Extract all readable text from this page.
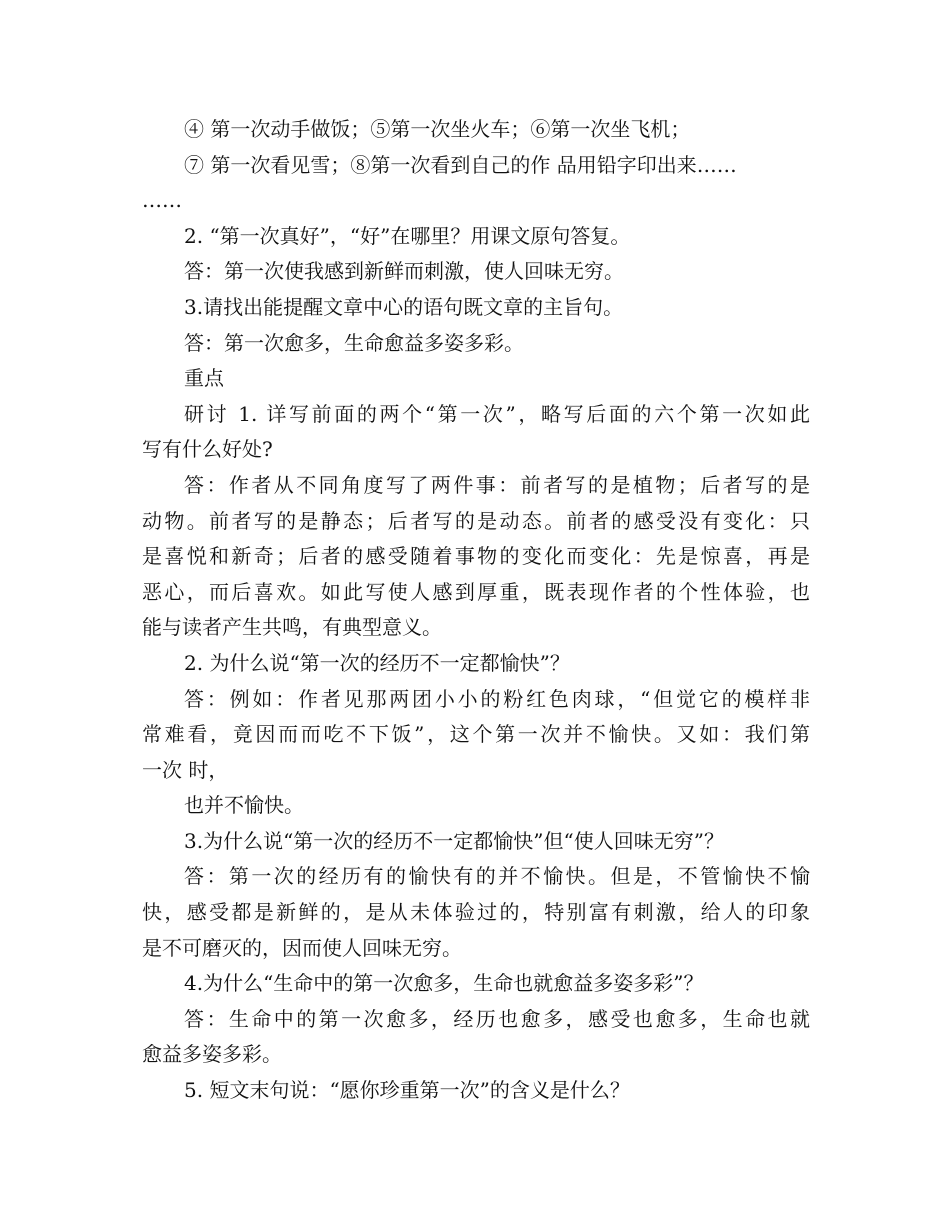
④ 第一次动手做饭；⑤第一次坐火车；⑥第一次坐飞机；
⑦ 第一次看见雪；⑧第一次看到自己的作 品用铅字印出来……
……
2. “第一次真好”，“好”在哪里？用课文原句答复。
答：第一次使我感到新鲜而刺激，使人回味无穷。
3.请找出能提醒文章中心的语句既文章的主旨句。
答：第一次愈多，生命愈益多姿多彩。
重点
研讨 1. 详写前面的两个“第一次”，略写后面的六个第一次如此
写有什么好处?
答：作者从不同角度写了两件事：前者写的是植物；后者写的是
动物。前者写的是静态；后者写的是动态。前者的感受没有变化：只
是喜悦和新奇；后者的感受随着事物的变化而变化：先是惊喜，再是
恶心，而后喜欢。如此写使人感到厚重，既表现作者的个性体验，也
能与读者产生共鸣，有典型意义。
2. 为什么说“第一次的经历不一定都愉快”？
答：例如：作者见那两团小小的粉红色肉球，“但觉它的模样非
常难看，竟因而而吃不下饭”，这个第一次并不愉快。又如：我们第
一次 时，
也并不愉快。
3.为什么说“第一次的经历不一定都愉快”但“使人回味无穷”？
答：第一次的经历有的愉快有的并不愉快。但是，不管愉快不愉
快，感受都是新鲜的，是从未体验过的，特别富有刺激，给人的印象
是不可磨灭的，因而使人回味无穷。
4.为什么“生命中的第一次愈多，生命也就愈益多姿多彩”？
答：生命中的第一次愈多，经历也愈多，感受也愈多，生命也就
愈益多姿多彩。
5. 短文末句说：“愿你珍重第一次”的含义是什么？
